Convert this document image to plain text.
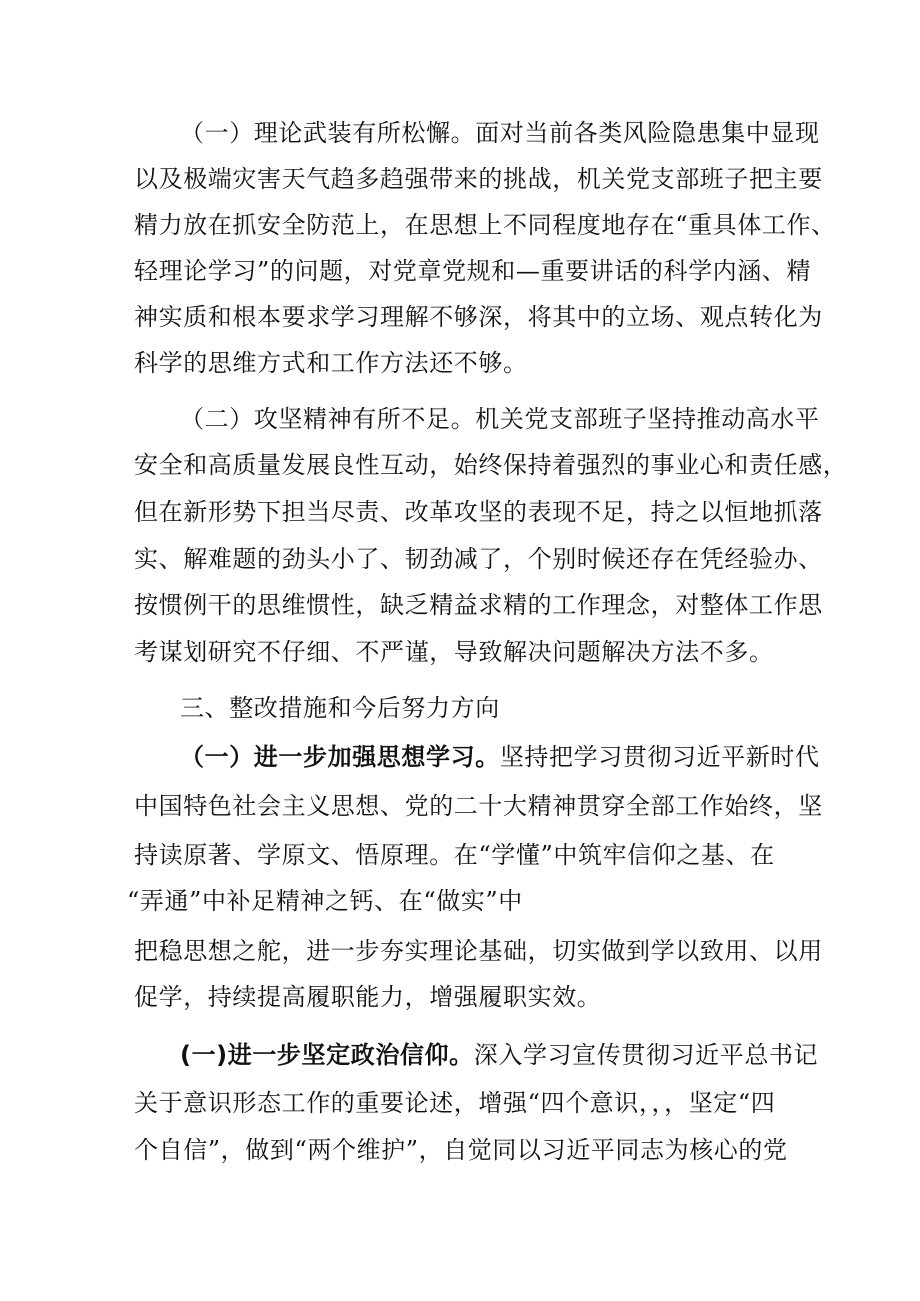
（一）理论武装有所松懈。面对当前各类风险隐患集中显现
以及极端灾害天气趋多趋强带来的挑战，机关党支部班子把主要
精力放在抓安全防范上，在思想上不同程度地存在“重具体工作、
轻理论学习”的问题，对党章党规和—重要讲话的科学内涵、精
神实质和根本要求学习理解不够深，将其中的立场、观点转化为
科学的思维方式和工作方法还不够。
（二）攻坚精神有所不足。机关党支部班子坚持推动高水平
安全和高质量发展良性互动，始终保持着强烈的事业心和责任感，
但在新形势下担当尽责、改革攻坚的表现不足，持之以恒地抓落
实、解难题的劲头小了、韧劲减了，个别时候还存在凭经验办、
按惯例干的思维惯性，缺乏精益求精的工作理念，对整体工作思
考谋划研究不仔细、不严谨，导致解决问题解决方法不多。
三、整改措施和今后努力方向
（一）进一步加强思想学习。坚持把学习贯彻习近平新时代
中国特色社会主义思想、党的二十大精神贯穿全部工作始终，坚
持读原著、学原文、悟原理。在“学懂”中筑牢信仰之基、在
“弄通”中补足精神之钙、在“做实”中
把稳思想之舵，进一步夯实理论基础，切实做到学以致用、以用
促学，持续提高履职能力，增强履职实效。
(一)进一步坚定政治信仰。深入学习宣传贯彻习近平总书记
关于意识形态工作的重要论述，增强“四个意识，，，坚定“四
个自信”，做到“两个维护”，自觉同以习近平同志为核心的党
